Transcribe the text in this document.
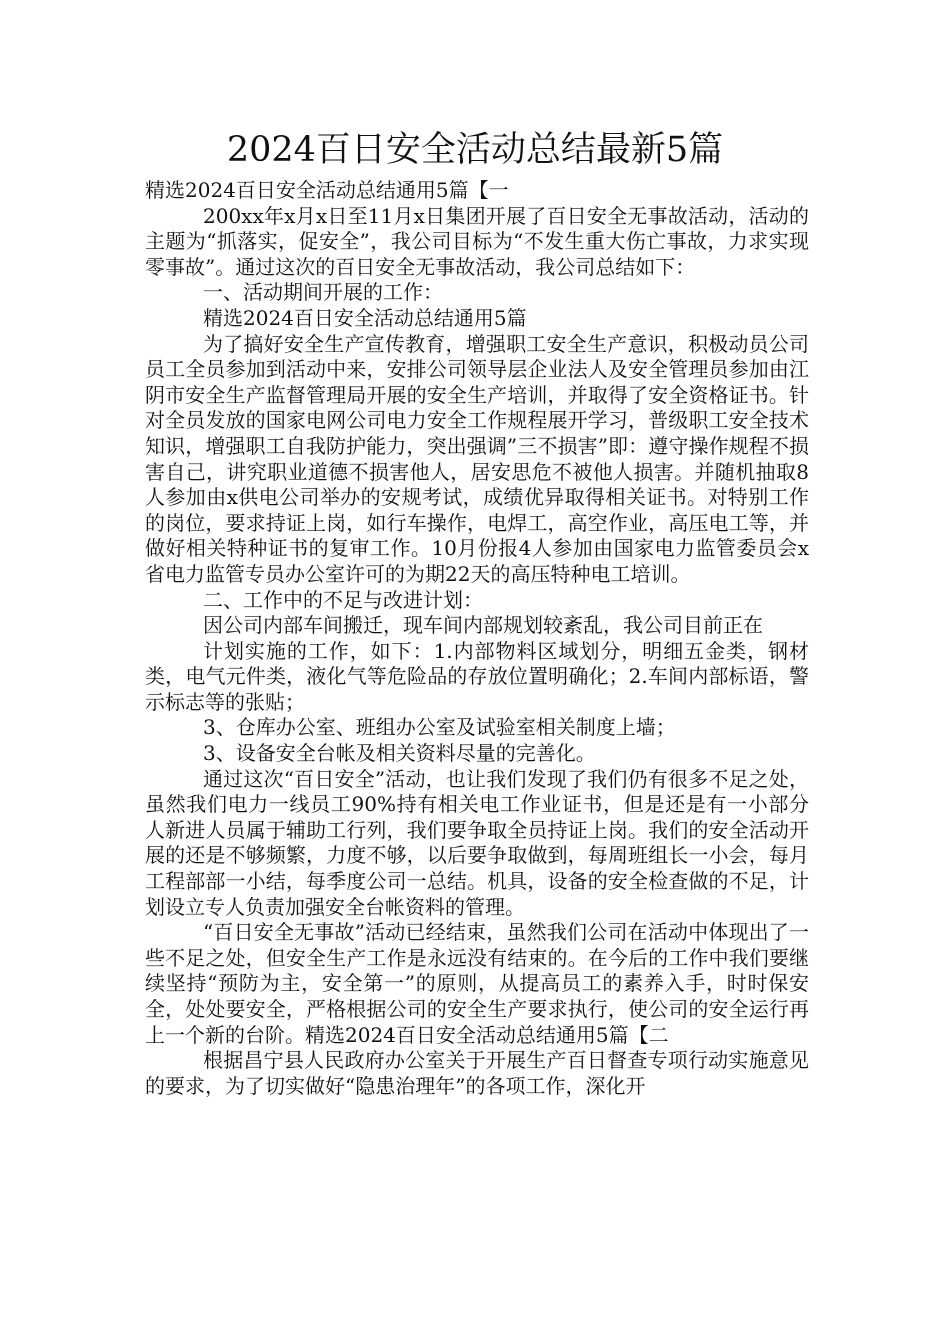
2024百日安全活动总结最新5篇

精选2024百日安全活动总结通用5篇【一

200xx年x月x日至11月x日集团开展了百日安全无事故活动，活动的主题为“抓落实，促安全”，我公司目标为“不发生重大伤亡事故，力求实现零事故”。通过这次的百日安全无事故活动，我公司总结如下：

一、活动期间开展的工作：

精选2024百日安全活动总结通用5篇

为了搞好安全生产宣传教育，增强职工安全生产意识，积极动员公司员工全员参加到活动中来，安排公司领导层企业法人及安全管理员参加由江阴市安全生产监督管理局开展的安全生产培训，并取得了安全资格证书。针对全员发放的国家电网公司电力安全工作规程展开学习，普级职工安全技术知识，增强职工自我防护能力，突出强调”三不损害”即：遵守操作规程不损害自己，讲究职业道德不损害他人，居安思危不被他人损害。并随机抽取8人参加由x供电公司举办的安规考试，成绩优异取得相关证书。对特别工作的岗位，要求持证上岗，如行车操作，电焊工，高空作业，高压电工等，并做好相关特种证书的复审工作。10月份报4人参加由国家电力监管委员会x省电力监管专员办公室许可的为期22天的高压特种电工培训。

二、工作中的不足与改进计划：

因公司内部车间搬迁，现车间内部规划较紊乱，我公司目前正在

计划实施的工作，如下：1.内部物料区域划分，明细五金类，钢材类，电气元件类，液化气等危险品的存放位置明确化；2.车间内部标语，警示标志等的张贴；

3、仓库办公室、班组办公室及试验室相关制度上墙；

3、设备安全台帐及相关资料尽量的完善化。

通过这次“百日安全”活动，也让我们发现了我们仍有很多不足之处，虽然我们电力一线员工90%持有相关电工作业证书，但是还是有一小部分人新进人员属于辅助工行列，我们要争取全员持证上岗。我们的安全活动开展的还是不够频繁，力度不够，以后要争取做到，每周班组长一小会，每月工程部部一小结，每季度公司一总结。机具，设备的安全检查做的不足，计划设立专人负责加强安全台帐资料的管理。

“百日安全无事故”活动已经结束，虽然我们公司在活动中体现出了一些不足之处，但安全生产工作是永远没有结束的。在今后的工作中我们要继续坚持“预防为主，安全第一”的原则，从提高员工的素养入手，时时保安全，处处要安全，严格根据公司的安全生产要求执行，使公司的安全运行再上一个新的台阶。精选2024百日安全活动总结通用5篇【二

根据昌宁县人民政府办公室关于开展生产百日督查专项行动实施意见的要求，为了切实做好“隐患治理年”的各项工作，深化开
